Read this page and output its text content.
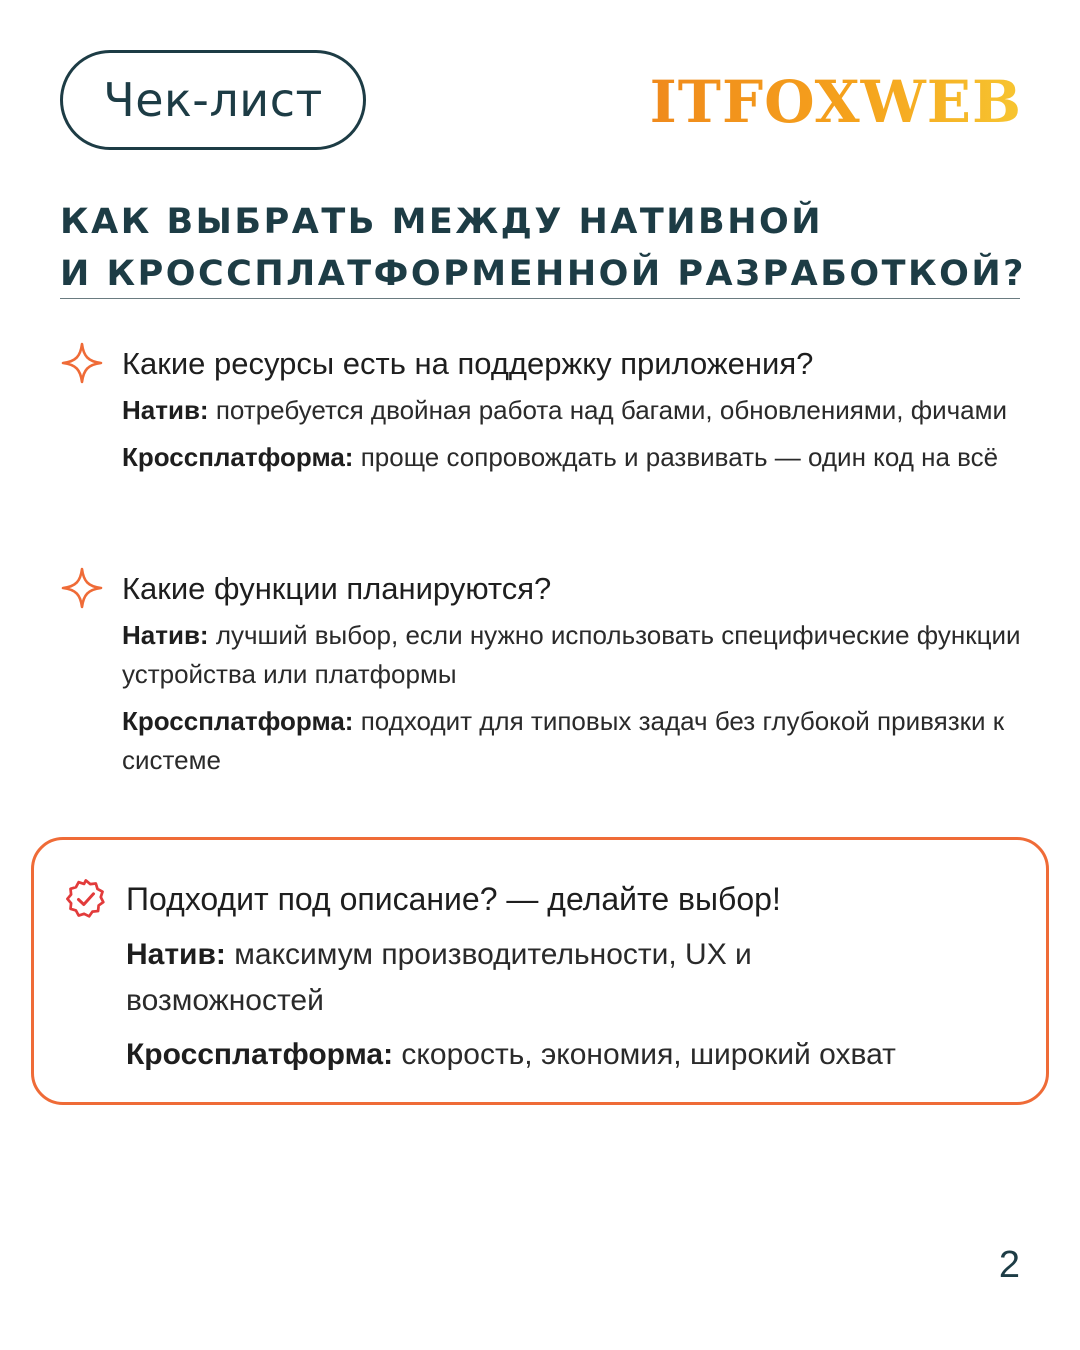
Чек-лист	ITFOXWEB
КАК ВЫБРАТЬ МЕЖДУ НАТИВНОЙ
И КРОССПЛАТФОРМЕННОЙ РАЗРАБОТКОЙ?
Какие ресурсы есть на поддержку приложения?
Натив: потребуется двойная работа над багами, обновлениями, фичами
Кроссплатформа: проще сопровождать и развивать — один код на всё
Какие функции планируются?
Натив: лучший выбор, если нужно использовать специфические функции устройства или платформы
Кроссплатформа: подходит для типовых задач без глубокой привязки к системе
Подходит под описание? — делайте выбор!
Натив: максимум производительности, UX и возможностей
Кроссплатформа: скорость, экономия, широкий охват
2
